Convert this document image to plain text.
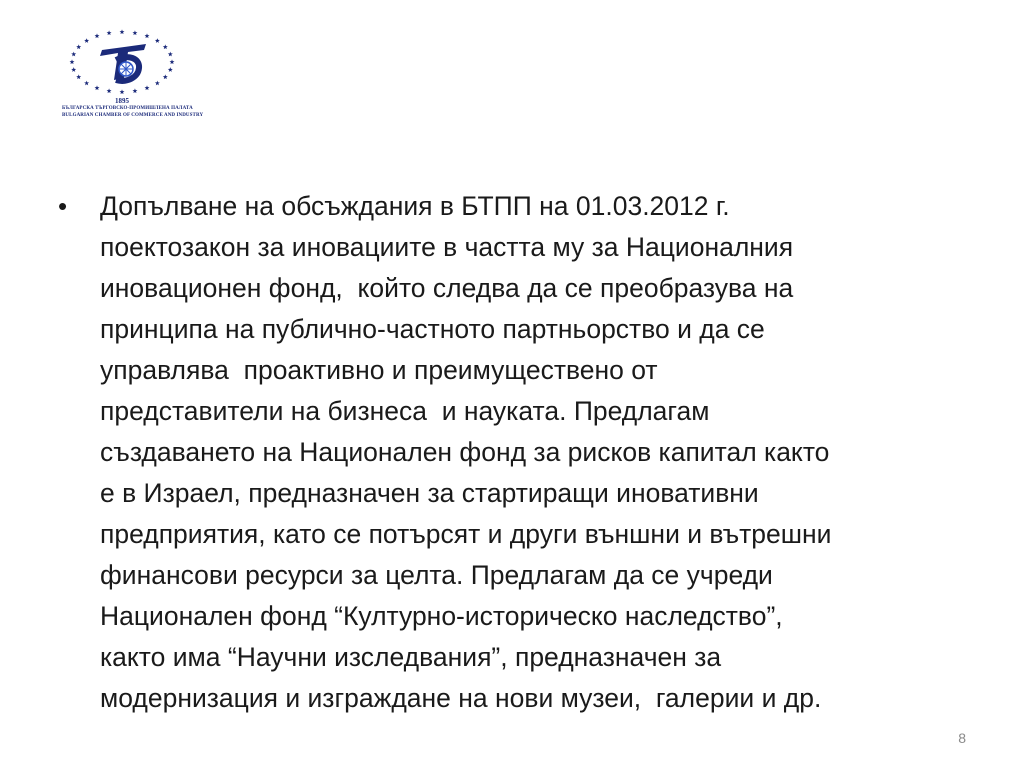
1895
БЪЛГАРСКА ТЪРГОВСКО-ПРОМИШЛЕНА ПАЛАТА
BULGARIAN CHAMBER OF COMMERCE AND INDUSTRY
•	Допълване на обсъждания в БТПП на 01.03.2012 г.
поектозакон за иновациите в частта му за Националния
иновационен фонд,  който следва да се преобразува на
принципа на публично-частното партньорство и да се
управлява  проактивно и преимуществено от
представители на бизнеса  и науката. Предлагам
създаването на Национален фонд за рисков капитал както
е в Израел, предназначен за стартиращи иновативни
предприятия, като се потърсят и други външни и вътрешни
финансови ресурси за целта. Предлагам да се учреди
Национален фонд “Културно-историческо наследство”,
както има “Научни изследвания”, предназначен за
модернизация и изграждане на нови музеи,  галерии и др.
8
